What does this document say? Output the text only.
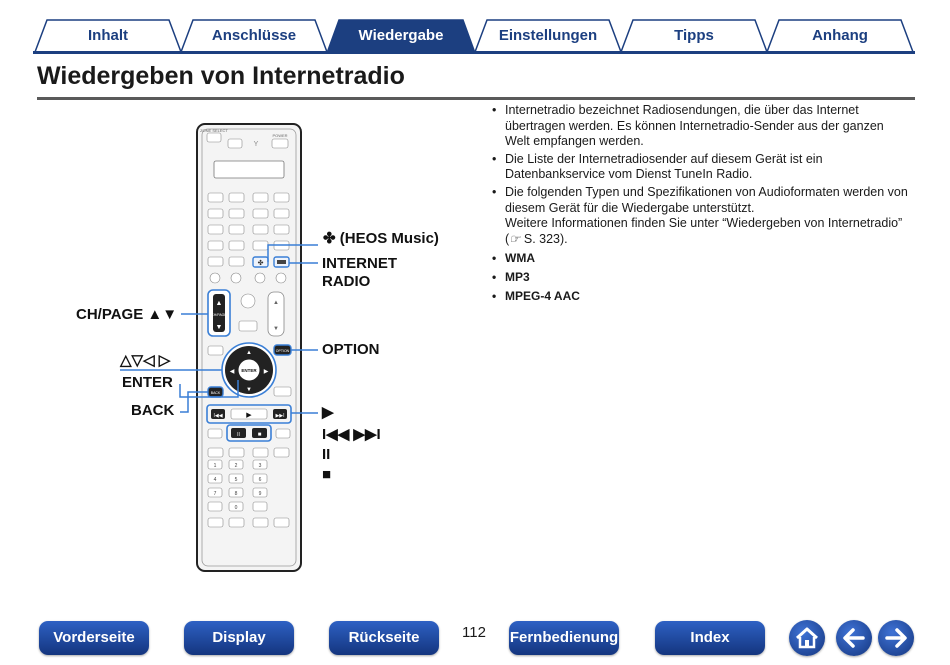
Inhalt	Anschlüsse	Wiedergabe	Einstellungen	Tipps	Anhang
Wiedergeben von Internetradio
ZONE SELECT
Y
POWER
✤
▲
▼
CH/PAGE
▲
▼
OPTION
ENTER
▲
▼
◀	▶
BACK
I◀◀	▶	▶▶I
II	■
1	2	3
4	5	6
7	8	9
0
✤ (HEOS Music)
INTERNET
RADIO
CH/PAGE ▲▼
△▽◁ ▷
ENTER
BACK
OPTION
▶
I◀◀ ▶▶I
II
■
• Internetradio bezeichnet Radiosendungen, die über das Internet übertragen werden. Es können Internetradio-Sender aus der ganzen Welt empfangen werden.
• Die Liste der Internetradiosender auf diesem Gerät ist ein Datenbankservice vom Dienst TuneIn Radio.
• Die folgenden Typen und Spezifikationen von Audioformaten werden von diesem Gerät für die Wiedergabe unterstützt.
Weitere Informationen finden Sie unter “Wiedergeben von Internetradio” (☞ S. 323).
• WMA
• MP3
• MPEG-4 AAC
Vorderseite	Display	Rückseite	112 Fernbedienung	Index
